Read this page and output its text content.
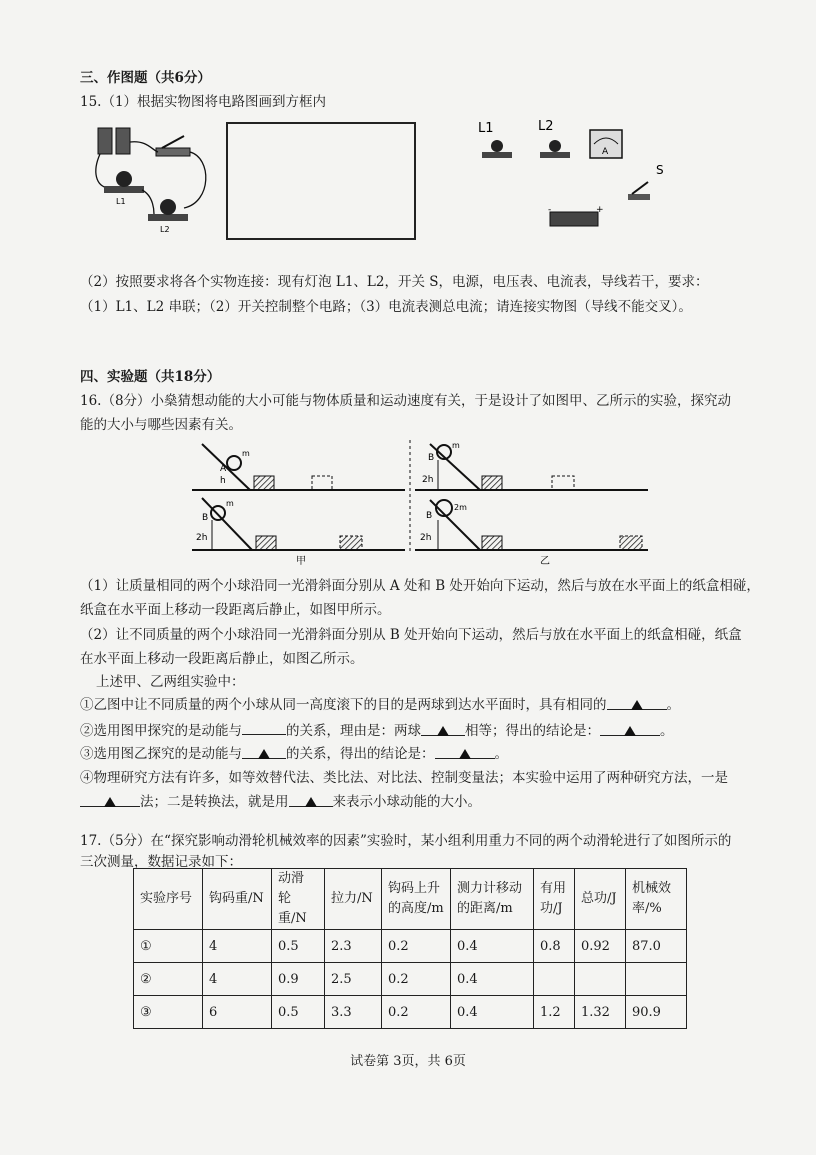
三、作图题（共6分）
15.（1）根据实物图将电路图画到方框内
L1
L2
L1	L2
A
S
-	+
（2）按照要求将各个实物连接：现有灯泡 L1、L2，开关 S，电源，电压表、电流表，导线若干，要求：
（1）L1、L2 串联；（2）开关控制整个电路；（3）电流表测总电流；请连接实物图（导线不能交叉）。
四、实验题（共18分）
16.（8分）小燊猜想动能的大小可能与物体质量和运动速度有关，于是设计了如图甲、乙所示的实验，探究动
能的大小与哪些因素有关。
m
A
h
m
B
2h
甲
m
B
2h
2m
B
2h
乙
（1）让质量相同的两个小球沿同一光滑斜面分别从 A 处和 B 处开始向下运动，然后与放在水平面上的纸盒相碰，
纸盒在水平面上移动一段距离后静止，如图甲所示。
（2）让不同质量的两个小球沿同一光滑斜面分别从 B 处开始向下运动，然后与放在水平面上的纸盒相碰，纸盒
在水平面上移动一段距离后静止，如图乙所示。
上述甲、乙两组实验中：
①乙图中让不同质量的两个小球从同一高度滚下的目的是两球到达水平面时，具有相同的	。
②选用图甲探究的是动能与	的关系，理由是：两球	相等；得出的结论是：	。
③选用图乙探究的是动能与	的关系，得出的结论是：	。
④物理研究方法有许多，如等效替代法、类比法、对比法、控制变量法；本实验中运用了两种研究方法，一是
法；二是转换法，就是用	来表示小球动能的大小。
17.（5分）在“探究影响动滑轮机械效率的因素”实验时，某小组利用重力不同的两个动滑轮进行了如图所示的
三次测量，数据记录如下：
实验序号	钩码重/N	动滑
轮重/N	拉力/N	钩码上升
的高度/m	测力计移动
的距离/m	有用
功/J	总功/J	机械效
率/%
①	4	0.5	2.3	0.2	0.4	0.8	0.92	87.0
②	4	0.9	2.5	0.2	0.4			
③	6	0.5	3.3	0.2	0.4	1.2	1.32	90.9
试卷第 3页，共 6页
